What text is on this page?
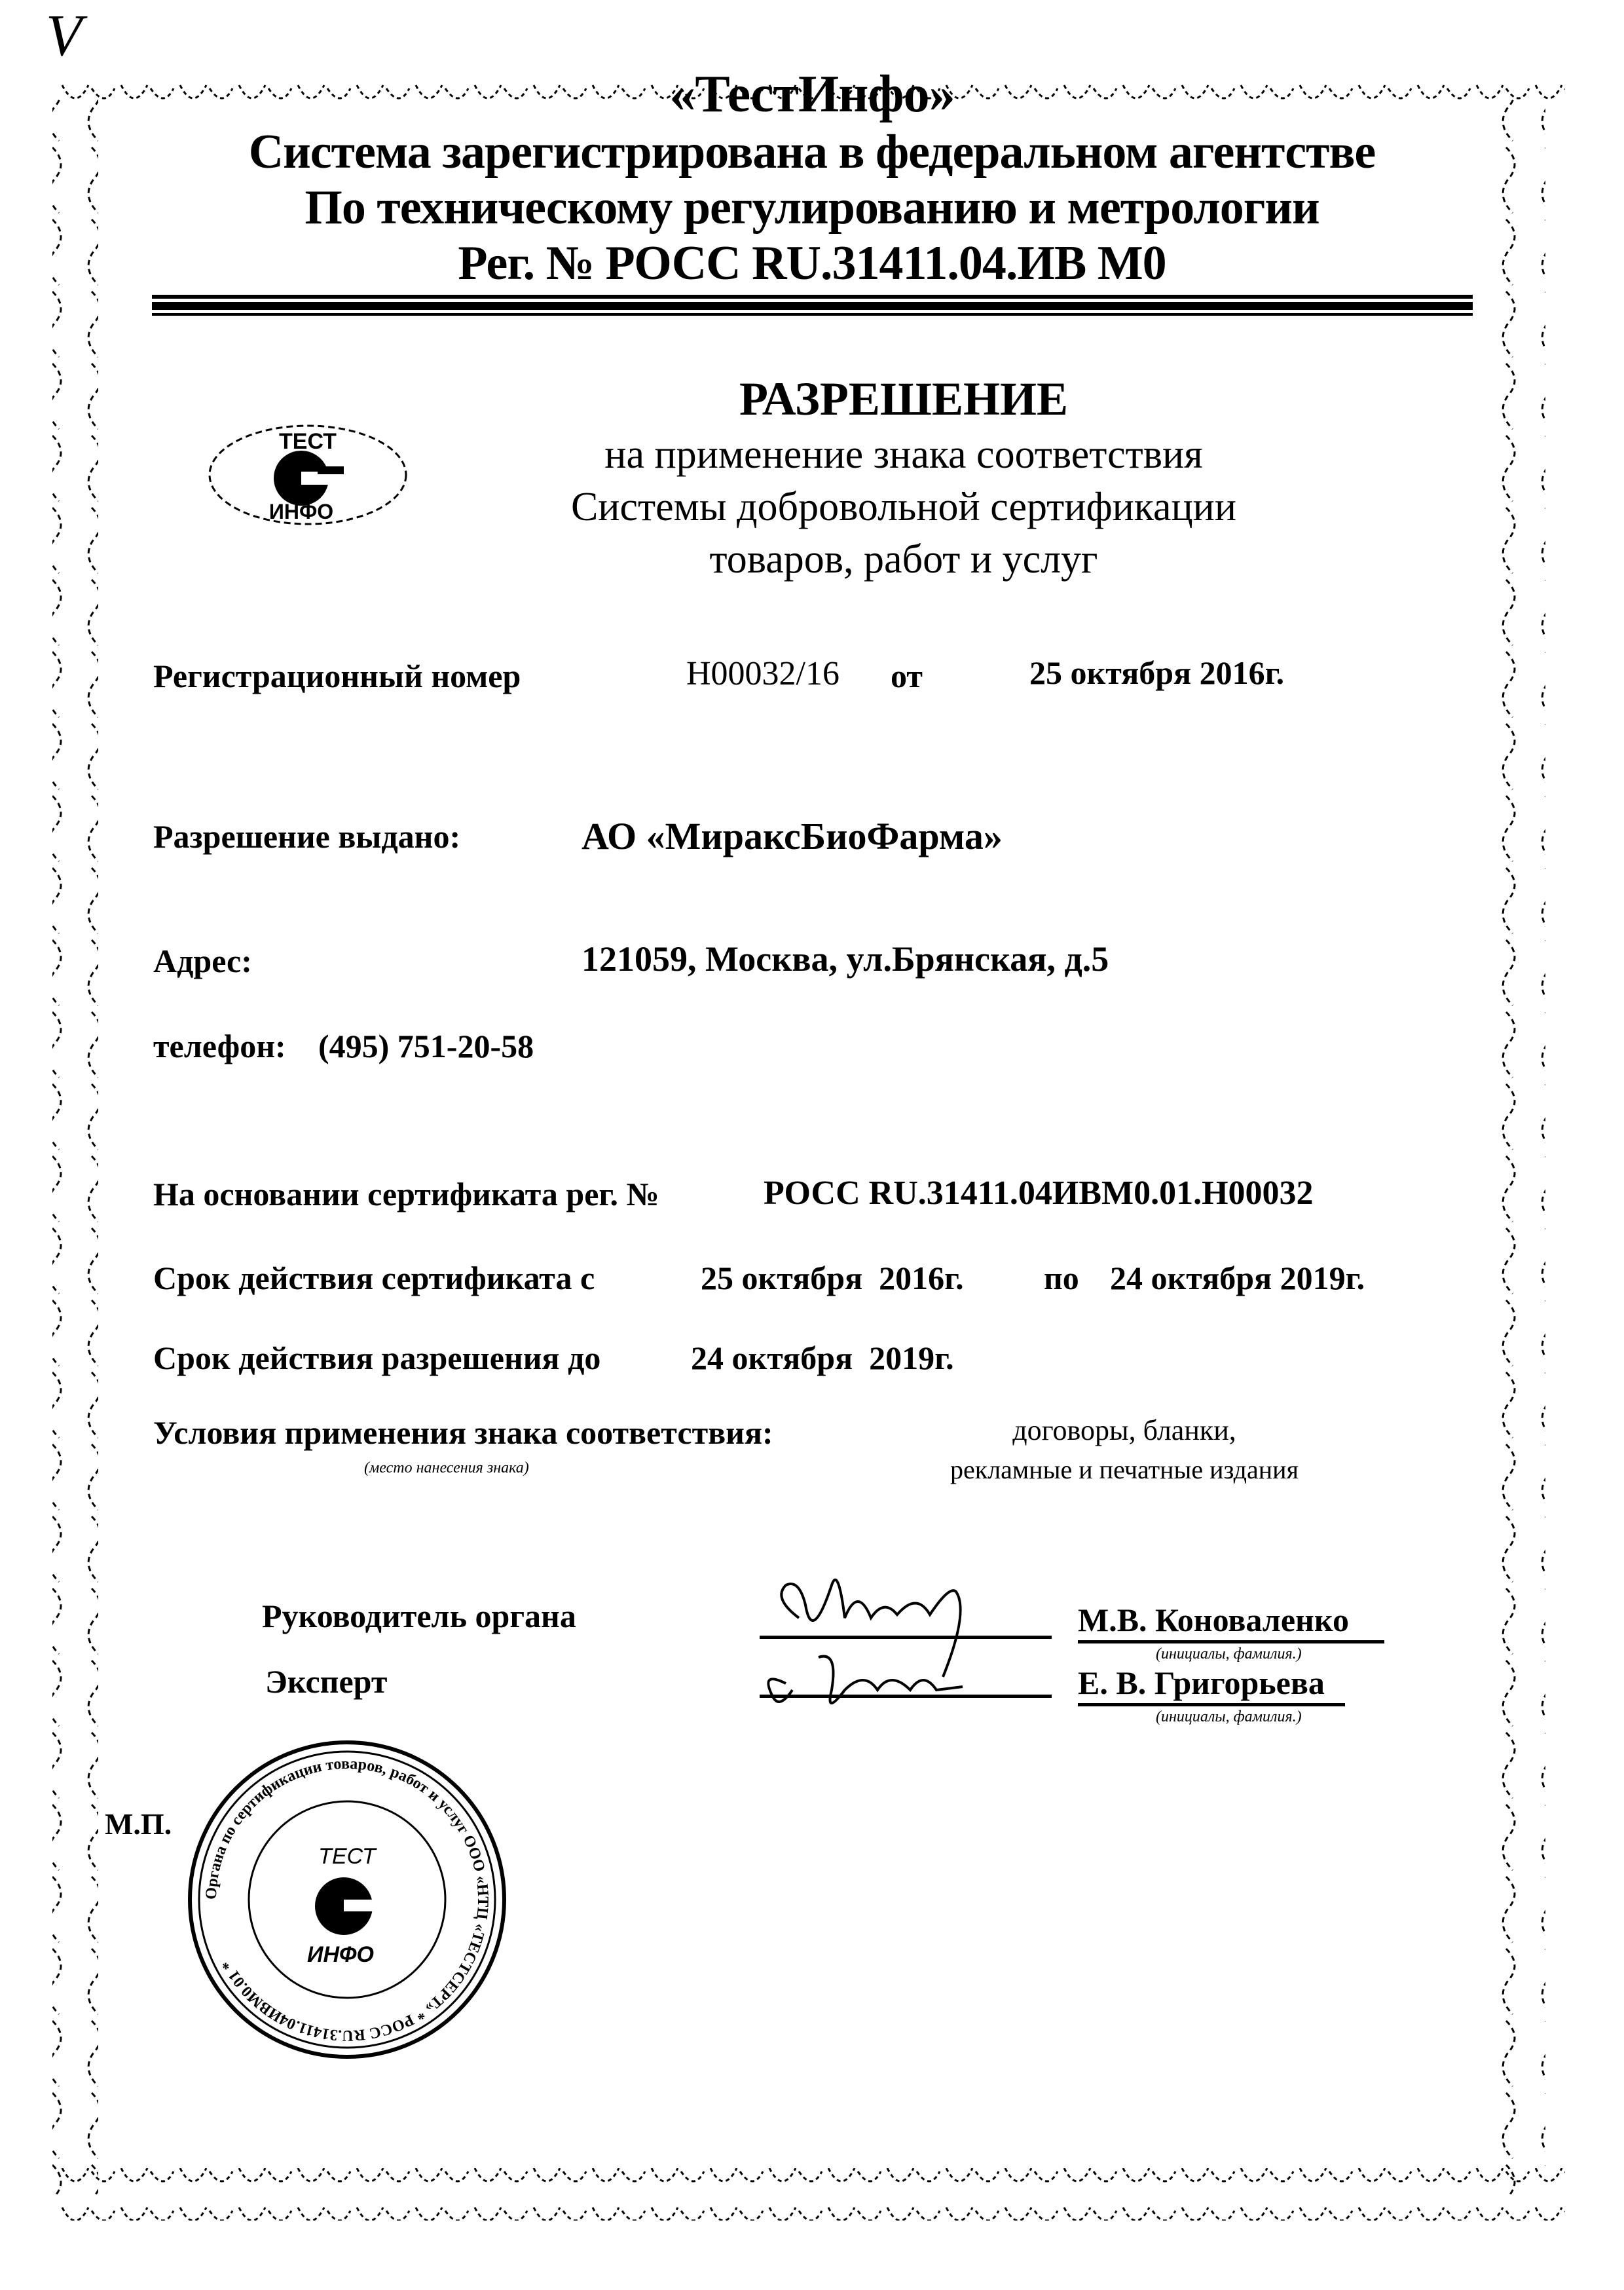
V
«ТестИнфо»
Система зарегистрирована в федеральном агентстве
По техническому регулированию и метрологии
Рег. № РОСС RU.31411.04.ИВ М0
ТЕСТ
ИНФО
РАЗРЕШЕНИЕ
на применение знака соответствия
Системы добровольной сертификации
товаров, работ и услуг
Регистрационный номер	Н00032/16 от	25 октября 2016г.
Разрешение выдано:	АО «МираксБиоФарма»
Адрес:	121059, Москва, ул.Брянская, д.5
телефон: (495) 751-20-58
На основании сертификата рег. №	РОСС RU.31411.04ИВМ0.01.Н00032
Срок действия сертификата с	25 октября  2016г. по 24 октября 2019г.
Срок действия разрешения до	24 октября  2019г.
Условия применения знака соответствия:
(место нанесения знака)
договоры, бланки,
рекламные и печатные издания
Руководитель органа
Эксперт
М.В. Коноваленко
(инициалы, фамилия.)
Е. В. Григорьева
(инициалы, фамилия.)
Органа по сертификации товаров, работ и услуг ООО «НТЦ «ТЕСТСЕРТ» * РОСС RU.31411.04ИВМ0.01 *
ТЕСТ
ИНФО
М.П.
